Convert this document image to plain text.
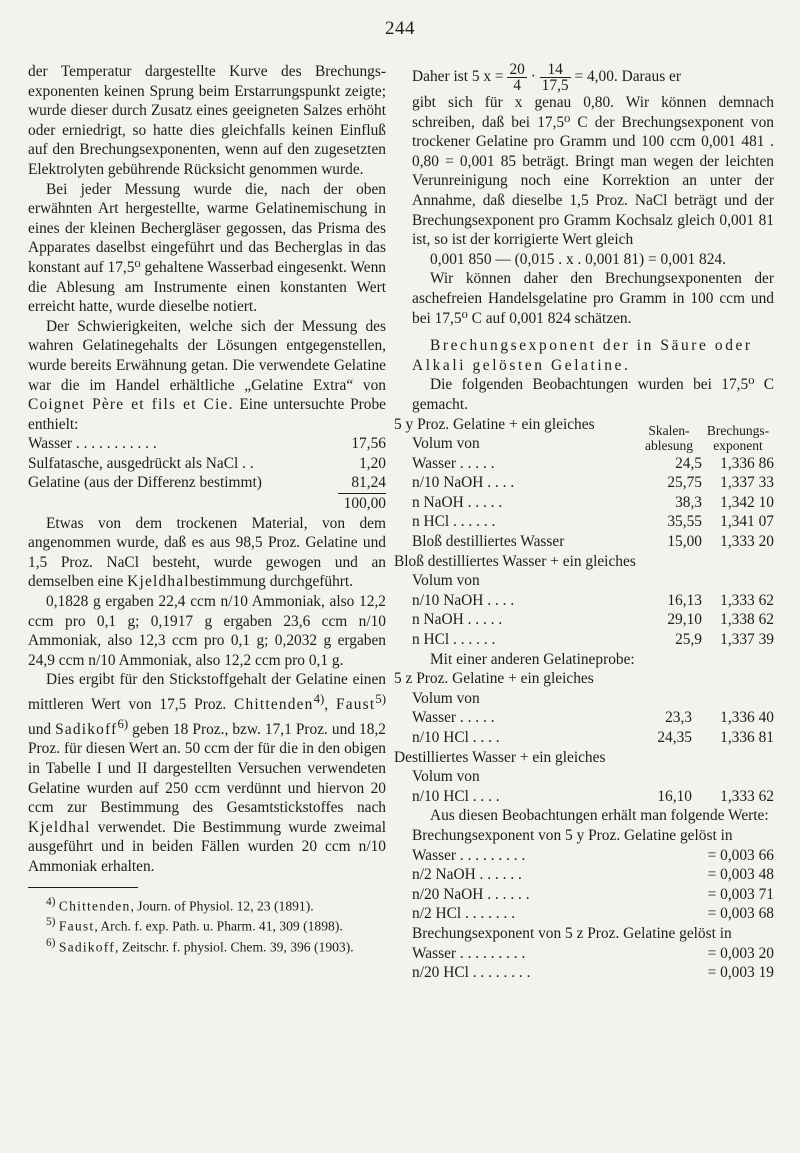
244

der Temperatur dargestellte Kurve des Brechungsexponenten keinen Sprung beim Erstarrungspunkt zeigte; wurde dieser durch Zusatz eines geeigneten Salzes erhöht oder erniedrigt, so hatte dies gleichfalls keinen Einfluß auf den Brechungsexponenten, wenn auf den zugesetzten Elektrolyten gebührende Rücksicht genommen wurde.

Bei jeder Messung wurde die, nach der oben erwähnten Art hergestellte, warme Gelatinemischung in eines der kleinen Bechergläser gegossen, das Prisma des Apparates daselbst eingeführt und das Becherglas in das konstant auf 17,5⁰ gehaltene Wasserbad eingesenkt. Wenn die Ablesung am Instrumente einen konstanten Wert erreicht hatte, wurde dieselbe notiert.

Der Schwierigkeiten, welche sich der Messung des wahren Gelatinegehalts der Lösungen entgegenstellen, wurde bereits Erwähnung getan. Die verwendete Gelatine war die im Handel erhältliche „Gelatine Extra“ von Coignet Père et fils et Cie. Eine untersuchte Probe enthielt:

Wasser . . . . . . . . . . .	17,56
Sulfatasche, ausgedrückt als NaCl . .	1,20
Gelatine (aus der Differenz bestimmt)	81,24
100,00

Etwas von dem trockenen Material, von dem angenommen wurde, daß es aus 98,5 Proz. Gelatine und 1,5 Proz. NaCl besteht, wurde gewogen und an demselben eine Kjeldhalbestimmung durchgeführt.

0,1828 g ergaben 22,4 ccm n/10 Ammoniak, also 12,2 ccm pro 0,1 g; 0,1917 g ergaben 23,6 ccm n/10 Ammoniak, also 12,3 ccm pro 0,1 g; 0,2032 g ergaben 24,9 ccm n/10 Ammoniak, also 12,2 ccm pro 0,1 g.

Dies ergibt für den Stickstoffgehalt der Gelatine einen mittleren Wert von 17,5 Proz. Chittenden$^{4)}$, Faust$^{5)}$ und Sadikoff$^{6)}$ geben 18 Proz., bzw. 17,1 Proz. und 18,2 Proz. für diesen Wert an. 50 ccm der für die in den obigen in Tabelle I und II dargestellten Versuchen verwendeten Gelatine wurden auf 250 ccm verdünnt und hiervon 20 ccm zur Bestimmung des Gesamtstickstoffes nach Kjeldhal verwendet. Die Bestimmung wurde zweimal ausgeführt und in beiden Fällen wurden 20 ccm n/10 Ammoniak erhalten.

$^{4)}$ Chittenden, Journ. of Physiol. 12, 23 (1891).

$^{5)}$ Faust, Arch. f. exp. Path. u. Pharm. 41, 309 (1898).

$^{6)}$ Sadikoff, Zeitschr. f. physiol. Chem. 39, 396 (1903).

Daher ist 5 $x = \frac{20}{4} \cdot \frac{14}{17,5} = 4,00$. Daraus er

gibt sich für x genau 0,80. Wir können demnach schreiben, daß bei 17,5⁰ C der Brechungsexponent von trockener Gelatine pro Gramm und 100 ccm 0,001 481 . 0,80 = 0,001 85 beträgt. Bringt man wegen der leichten Verunreinigung noch eine Korrektion an unter der Annahme, daß dieselbe 1,5 Proz. NaCl beträgt und der Brechungsexponent pro Gramm Kochsalz gleich 0,001 81 ist, so ist der korrigierte Wert gleich

0,001 850 — (0,015 . x . 0,001 81) = 0,001 824.

Wir können daher den Brechungsexponenten der aschefreien Handelsgelatine pro Gramm in 100 ccm und bei 17,5⁰ C auf 0,001 824 schätzen.

Brechungsexponent der in Säure oder Alkali gelösten Gelatine.

Die folgenden Beobachtungen wurden bei 17,5⁰ C gemacht.

5 y Proz. Gelatine + ein gleiches Volum von	Skalen-
ablesung	Brechungs-
exponent
Wasser . . . . .	24,5	1,336 86
n/10 NaOH . . . .	25,75	1,337 33
n NaOH . . . . .	38,3	1,342 10
n HCl . . . . . .	35,55	1,341 07
Bloß destilliertes Wasser	15,00	1,333 20
Bloß destilliertes Wasser + ein gleiches Volum von		
n/10 NaOH . . . .	16,13	1,333 62
n NaOH . . . . .	29,10	1,338 62
n HCl . . . . . .	25,9	1,337 39

Mit einer anderen Gelatineprobe:

5 z Proz. Gelatine + ein gleiches Volum von		
Wasser . . . . .	23,3	1,336 40
n/10 HCl . . . .	24,35	1,336 81
Destilliertes Wasser + ein gleiches Volum von		
n/10 HCl . . . .	16,10	1,333 62

Aus diesen Beobachtungen erhält man folgende Werte:

Brechungsexponent von 5 y Proz. Gelatine gelöst in

Wasser . . . . . . . . .	= 0,003 66
n/2 NaOH . . . . . .	= 0,003 48
n/20 NaOH . . . . . .	= 0,003 71
n/2 HCl . . . . . . .	= 0,003 68

Brechungsexponent von 5 z Proz. Gelatine gelöst in

Wasser . . . . . . . . .	= 0,003 20
n/20 HCl . . . . . . . .	= 0,003 19
